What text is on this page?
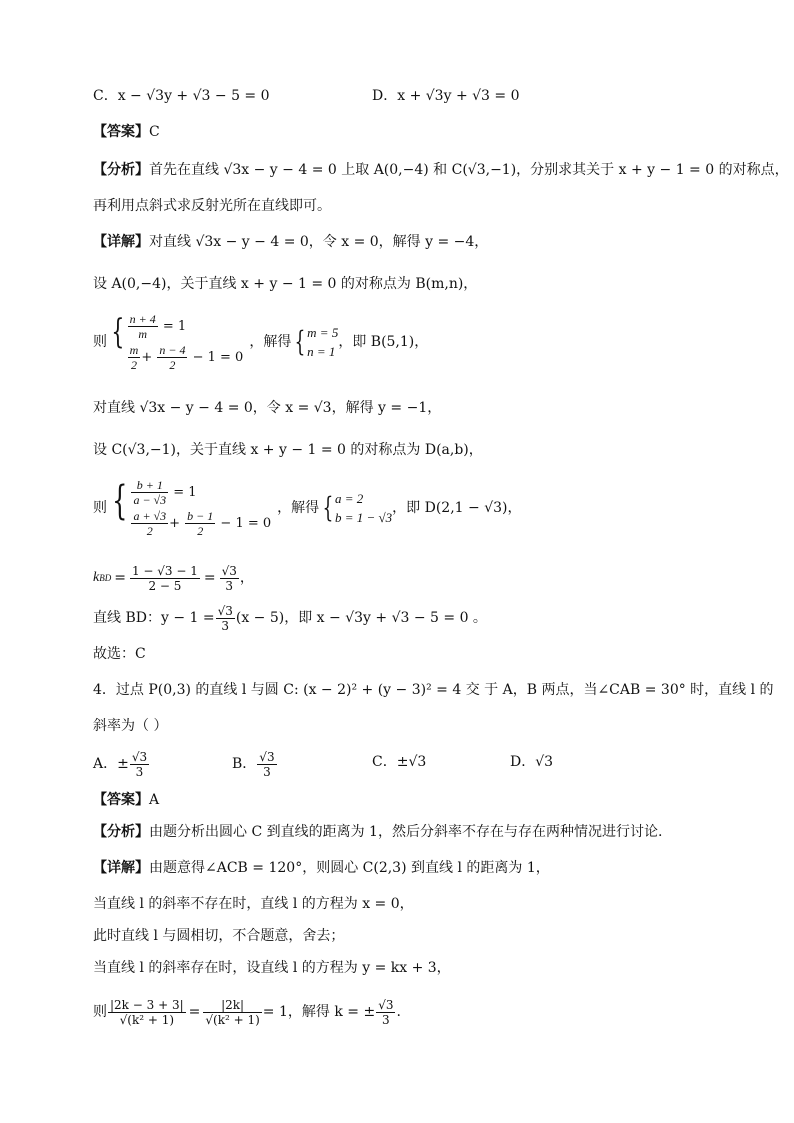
C．x − √3y + √3 − 5 = 0	D．x + √3y + √3 = 0
【答案】C
【分析】首先在直线 √3x − y − 4 = 0 上取 A(0,−4) 和 C(√3,−1)，分别求其关于 x + y − 1 = 0 的对称点，
再利用点斜式求反射光所在直线即可。
【详解】对直线 √3x − y − 4 = 0，令 x = 0，解得 y = −4，
设 A(0,−4)，关于直线 x + y − 1 = 0 的对称点为 B(m,n)，
则 { $\frac{n + 4}{m} = 1$
$\frac{m}{2} + \frac{n - 4}{2} - 1 = 0$
，解得 { m = 5
n = 1
，即 B(5,1)，
对直线 √3x − y − 4 = 0，令 x = √3，解得 y = −1，
设 C(√3,−1)，关于直线 x + y − 1 = 0 的对称点为 D(a,b)，
则 { $\frac{b + 1}{a - √3} = 1$
$\frac{a + √3}{2} + \frac{b - 1}{2} - 1 = 0$
，解得 { a = 2
b = 1 − √3
，即 D(2,1 − √3)，
k BD = $\frac{1 - √3 - 1}{2 - 5} = \frac{√3}{3}$ ，
直线 BD：$y - 1 = \frac{√3}{3} (x - 5)$，即 x − √3y + √3 − 5 = 0 。
故选：C
4．过点 P(0,3) 的直线 l 与圆 C: (x − 2)² + (y − 3)² = 4 交 于 A，B 两点，当∠CAB = 30° 时，直线 l 的
斜率为（ ）
A．± $\frac{√3}{3}$	B． $\frac{√3}{3}$	C．±√3	D．√3
【答案】A
【分析】由题分析出圆心 C 到直线的距离为 1，然后分斜率不存在与存在两种情况进行讨论.
【详解】由题意得∠ACB = 120°，则圆心 C(2,3) 到直线 l 的距离为 1，
当直线 l 的斜率不存在时，直线 l 的方程为 x = 0，
此时直线 l 与圆相切，不合题意，舍去；
当直线 l 的斜率存在时，设直线 l 的方程为 y = kx + 3，
则 $\frac{|2k - 3 + 3|}{\text{√(k² + 1)}} = \frac{|2k|}{\text{√(k² + 1)}} = 1$，解得 k = ± $\frac{√3}{3}$ .
